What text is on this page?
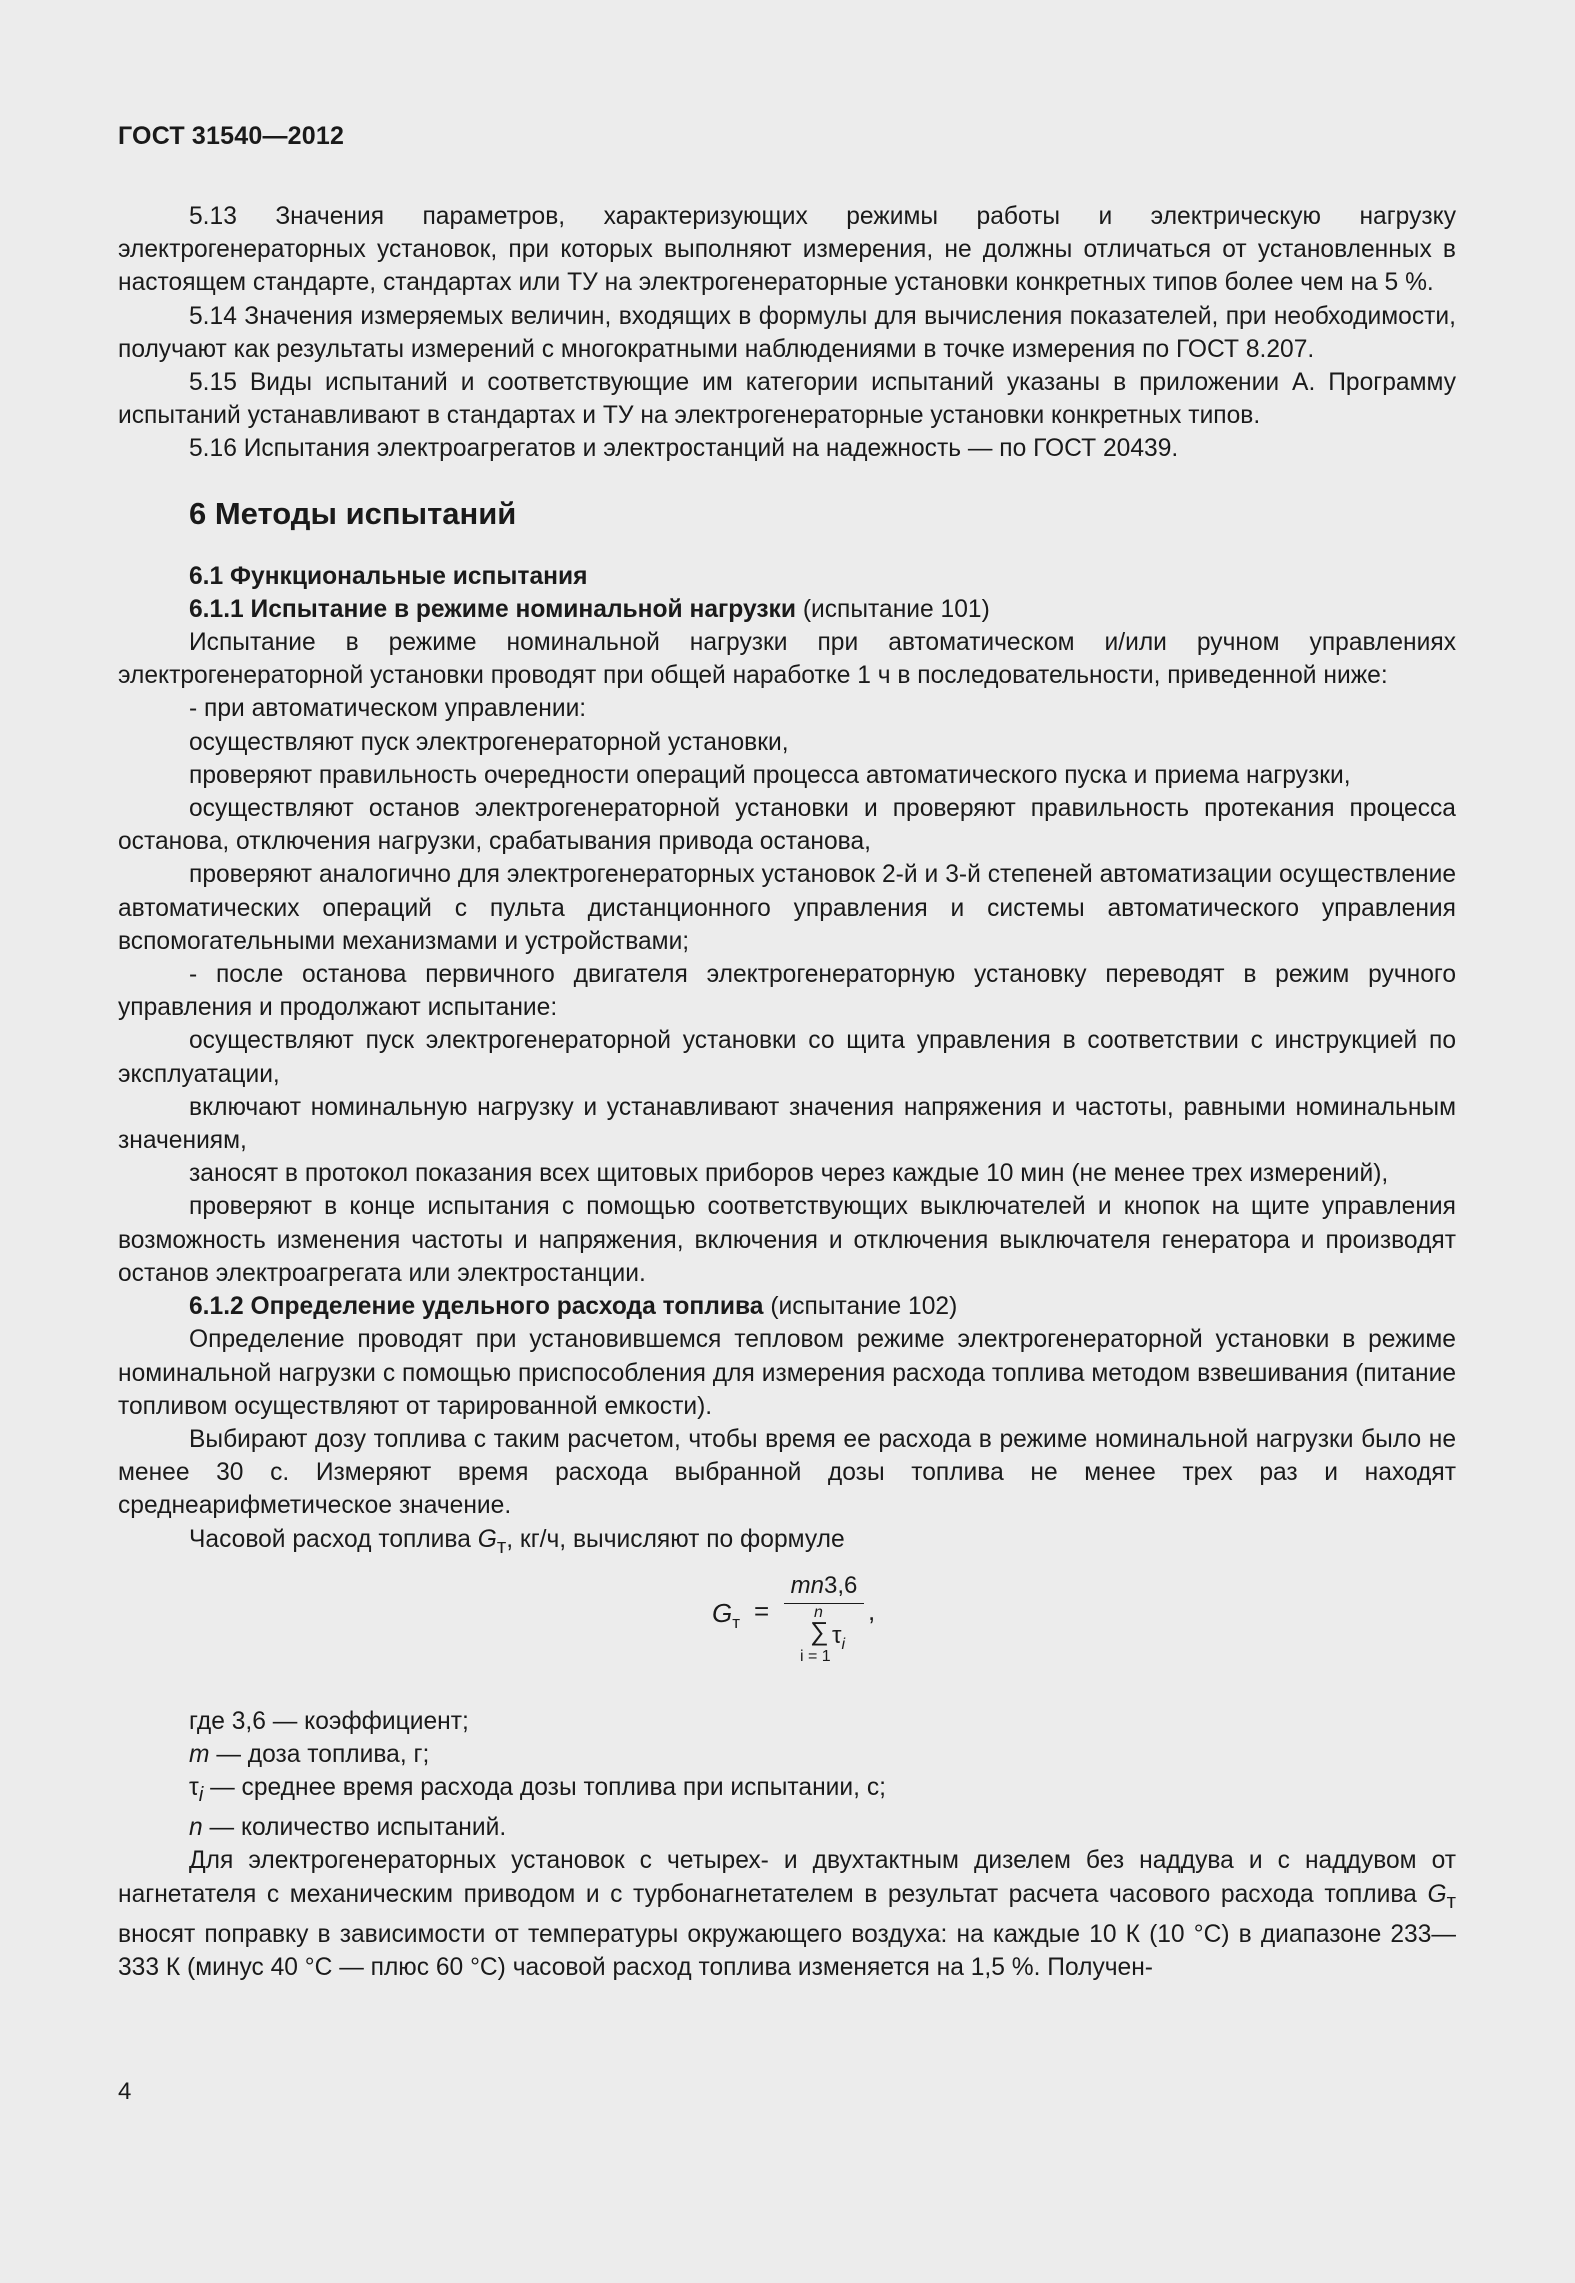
ГОСТ 31540—2012

5.13 Значения параметров, характеризующих режимы работы и электрическую нагрузку электрогенераторных установок, при которых выполняют измерения, не должны отличаться от установленных в настоящем стандарте, стандартах или ТУ на электрогенераторные установки конкретных типов более чем на 5 %.

5.14 Значения измеряемых величин, входящих в формулы для вычисления показателей, при необходимости, получают как результаты измерений с многократными наблюдениями в точке измерения по ГОСТ 8.207.

5.15 Виды испытаний и соответствующие им категории испытаний указаны в приложении А. Программу испытаний устанавливают в стандартах и ТУ на электрогенераторные установки конкретных типов.

5.16 Испытания электроагрегатов и электростанций на надежность — по ГОСТ 20439.

6 Методы испытаний

6.1 Функциональные испытания

6.1.1 Испытание в режиме номинальной нагрузки (испытание 101)

Испытание в режиме номинальной нагрузки при автоматическом и/или ручном управлениях электрогенераторной установки проводят при общей наработке 1 ч в последовательности, приведенной ниже:

- при автоматическом управлении:

осуществляют пуск электрогенераторной установки,

проверяют правильность очередности операций процесса автоматического пуска и приема нагрузки,

осуществляют останов электрогенераторной установки и проверяют правильность протекания процесса останова, отключения нагрузки, срабатывания привода останова,

проверяют аналогично для электрогенераторных установок 2-й и 3-й степеней автоматизации осуществление автоматических операций с пульта дистанционного управления и системы автоматического управления вспомогательными механизмами и устройствами;

- после останова первичного двигателя электрогенераторную установку переводят в режим ручного управления и продолжают испытание:

осуществляют пуск электрогенераторной установки со щита управления в соответствии с инструкцией по эксплуатации,

включают номинальную нагрузку и устанавливают значения напряжения и частоты, равными номинальным значениям,

заносят в протокол показания всех щитовых приборов через каждые 10 мин (не менее трех измерений),

проверяют в конце испытания с помощью соответствующих выключателей и кнопок на щите управления возможность изменения частоты и напряжения, включения и отключения выключателя генератора и производят останов электроагрегата или электростанции.

6.1.2 Определение удельного расхода топлива (испытание 102)

Определение проводят при установившемся тепловом режиме электрогенераторной установки в режиме номинальной нагрузки с помощью приспособления для измерения расхода топлива методом взвешивания (питание топливом осуществляют от тарированной емкости).

Выбирают дозу топлива с таким расчетом, чтобы время ее расхода в режиме номинальной нагрузки было не менее 30 с. Измеряют время расхода выбранной дозы топлива не менее трех раз и находят среднеарифметическое значение.

Часовой расход топлива $G_т$, кг/ч, вычисляют по формуле

$G_т = mn3,6$
n
∑ $\tau_i$
i = 1 ,

где 3,6 — коэффициент;

m — доза топлива, г;

$\tau_i$ — среднее время расхода дозы топлива при испытании, с;

n — количество испытаний.

Для электрогенераторных установок с четырех- и двухтактным дизелем без наддува и с наддувом от нагнетателя с механическим приводом и с турбонагнетателем в результат расчета часового расхода топлива $G_т$ вносят поправку в зависимости от температуры окружающего воздуха: на каждые 10 К (10 °С) в диапазоне 233—333 К (минус 40 °С — плюс 60 °С) часовой расход топлива изменяется на 1,5 %. Получен-

4
